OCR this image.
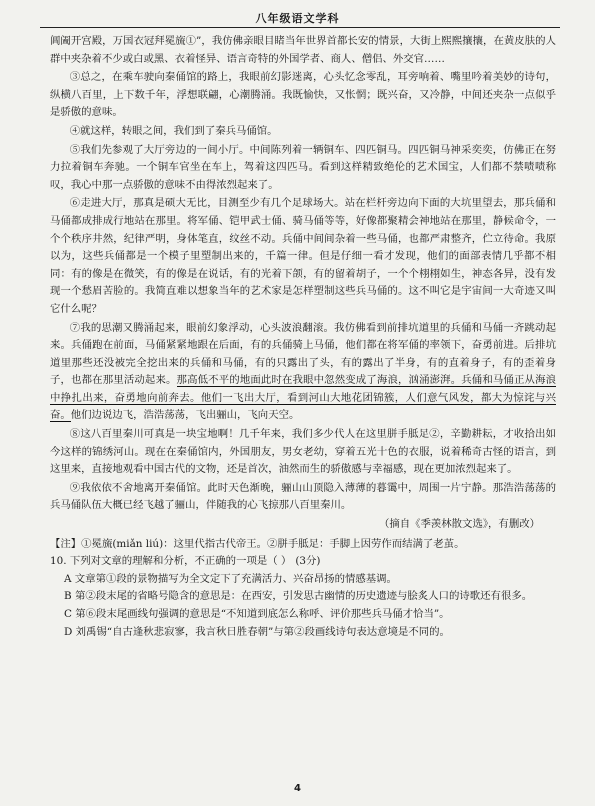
八年级语文学科

阊阖开宫殿，万国衣冠拜冕旒①”，我仿佛亲眼目睹当年世界首都长安的情景，大街上熙熙攘攘，在黄皮肤的人群中夹杂着不少或白或黑、衣着怪异、语言奇特的外国学者、商人、僧侣、外交官……

③总之，在乘车驶向秦俑馆的路上，我眼前幻影迷离，心头忆念零乱，耳旁响着、嘴里吟着美妙的诗句，纵横八百里，上下数千年，浮想联翩，心潮腾涌。我既愉快，又怅惘；既兴奋，又冷静，中间还夹杂一点似乎是骄傲的意味。

④就这样，转眼之间，我们到了秦兵马俑馆。

⑤我们先参观了大厅旁边的一间小厅。中间陈列着一辆铜车、四匹铜马。四匹铜马神采奕奕，仿佛正在努力拉着铜车奔驰。一个铜车官坐在车上，驾着这四匹马。看到这样精致绝伦的艺术国宝，人们都不禁啧啧称叹，我心中那一点骄傲的意味不由得浓烈起来了。

⑥走进大厅，那真是硕大无比，目测至少有几个足球场大。站在栏杆旁边向下面的大坑里望去，那兵俑和马俑都成排成行地站在那里。将军俑、铠甲武士俑、骑马俑等等，好像都聚精会神地站在那里，静候命令，一个个秩序井然，纪律严明，身体笔直，纹丝不动。兵俑中间间杂着一些马俑，也都严肃整齐，伫立待命。我原以为，这些兵俑都是一个模子里塑制出来的，千篇一律。但是仔细一看才发现，他们的面部表情几乎都不相同：有的像是在微笑，有的像是在说话，有的光着下颌，有的留着胡子，一个个栩栩如生，神态各异，没有发现一个愁眉苦脸的。我简直难以想象当年的艺术家是怎样塑制这些兵马俑的。这不叫它是宇宙间一大奇迹又叫它什么呢？

⑦我的思潮又腾涌起来，眼前幻象浮动，心头波浪翻滚。我仿佛看到前排坑道里的兵俑和马俑一齐跳动起来。兵俑跑在前面，马俑紧紧地跟在后面，有的兵俑骑上马俑，他们都在将军俑的率领下，奋勇前进。后排坑道里那些还没被完全挖出来的兵俑和马俑，有的只露出了头，有的露出了半身，有的直着身子，有的歪着身子，也都在那里活动起来。那高低不平的地面此时在我眼中忽然变成了海浪，汹涌澎湃。兵俑和马俑正从海浪中挣扎出来，奋勇地向前奔去。他们一飞出大厅，看到河山大地花团锦簇，人们意气风发，都大为惊诧与兴奋。他们边说边飞，浩浩荡荡，飞出骊山，飞向天空。

⑧这八百里秦川可真是一块宝地啊！几千年来，我们多少代人在这里胼手胝足②，辛勤耕耘，才收拾出如今这样的锦绣河山。现在在秦俑馆内，外国朋友，男女老幼，穿着五光十色的衣服，说着稀奇古怪的语言，到这里来，直接地观看中国古代的文物，还是首次，油然而生的骄傲感与幸福感，现在更加浓烈起来了。

⑨我依依不舍地离开秦俑馆。此时天色渐晚，骊山山顶隐入薄薄的暮霭中，周围一片宁静。那浩浩荡荡的兵马俑队伍大概已经飞越了骊山，伴随我的心飞掠那八百里秦川。

（摘自《季羡林散文选》，有删改）

【注】①冕旒(miǎn liú)：这里代指古代帝王。②胼手胝足：手脚上因劳作而结满了老茧。

10. 下列对文章的理解和分析，不正确的一项是（ ） (3分)

A 文章第①段的景物描写为全文定下了充满活力、兴奋昂扬的情感基调。

B 第②段末尾的省略号隐含的意思是：在西安，引发思古幽情的历史遗迹与脍炙人口的诗歌还有很多。

C 第⑥段末尾画线句强调的意思是“不知道到底怎么称呼、评价那些兵马俑才恰当”。

D 刘禹锡“自古逢秋悲寂寥，我言秋日胜春朝”与第②段画线诗句表达意境是不同的。

4
